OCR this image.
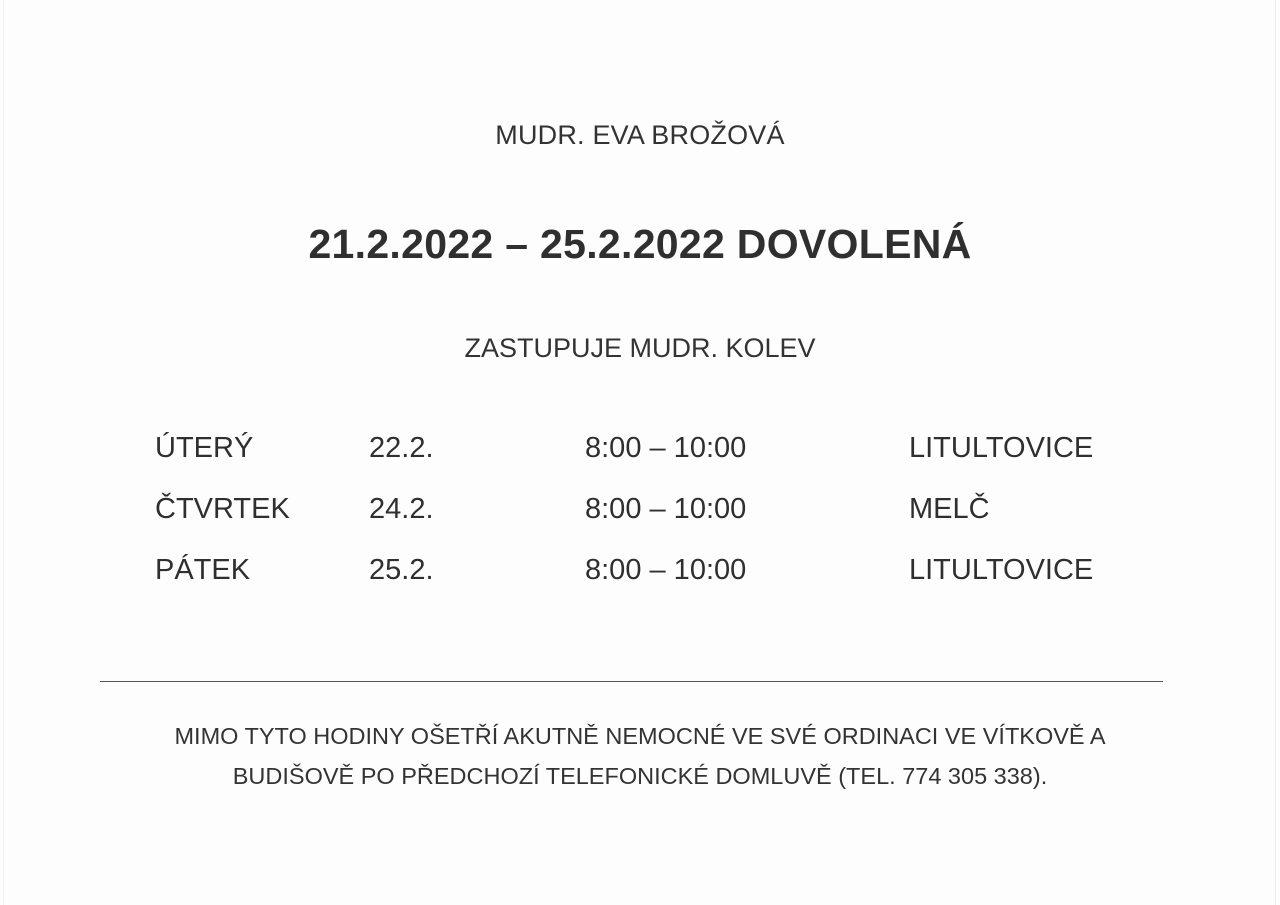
MUDR. EVA BROŽOVÁ
21.2.2022 – 25.2.2022 DOVOLENÁ
ZASTUPUJE MUDR. KOLEV
ÚTERÝ	22.2.	8:00 – 10:00	LITULTOVICE
ČTVRTEK	24.2.	8:00 – 10:00	MELČ
PÁTEK	25.2.	8:00 – 10:00	LITULTOVICE
MIMO TYTO HODINY OŠETŘÍ AKUTNĚ NEMOCNÉ VE SVÉ ORDINACI VE VÍTKOVĚ A
BUDIŠOVĚ PO PŘEDCHOZÍ TELEFONICKÉ DOMLUVĚ (TEL. 774 305 338).
